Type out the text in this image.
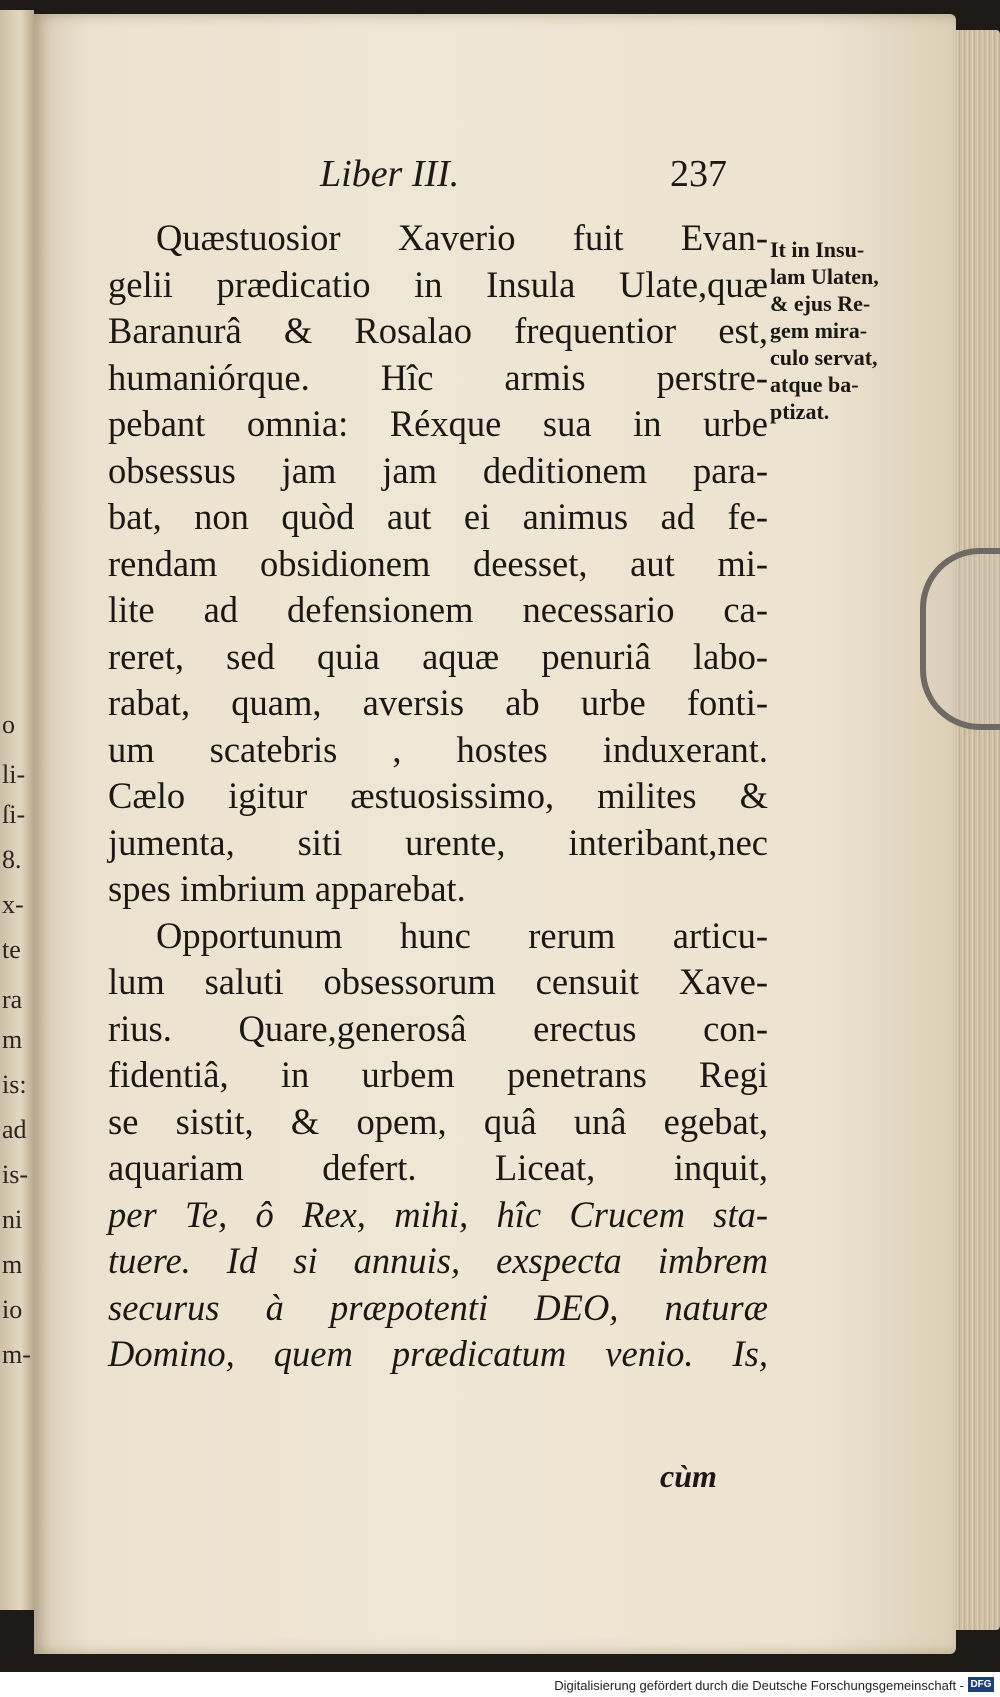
o
li-
ſi-
8.
x-
te
ra
m
is:
ad
is-
ni
m
io
m-
Liber III.	237
Quæstuosior Xaverio fuit Evan-
gelii prædicatio in Insula Ulate,quæ
Baranurâ & Rosalao frequentior est,
humaniórque. Hîc armis perstre-
pebant omnia: Réxque sua in urbe
obsessus jam jam deditionem para-
bat, non quòd aut ei animus ad fe-
rendam obsidionem deesset, aut mi-
lite ad defensionem necessario ca-
reret, sed quia aquæ penuriâ labo-
rabat, quam, aversis ab urbe fonti-
um scatebris , hostes induxerant.
Cælo igitur æstuosissimo, milites &
jumenta, siti urente, interibant,nec
spes imbrium apparebat.
Opportunum hunc rerum articu-
lum saluti obsessorum censuit Xave-
rius. Quare,generosâ erectus con-
fidentiâ, in urbem penetrans Regi
se sistit, & opem, quâ unâ egebat,
aquariam defert. Liceat, inquit,
per Te, ô Rex, mihi, hîc Crucem sta-
tuere. Id si annuis, exspecta imbrem
securus à præpotenti DEO, naturæ
Domino, quem prædicatum venio. Is,
It in Insu-
lam Ulaten,
& ejus Re-
gem mira-
culo servat,
atque ba-
ptizat.
cùm
Digitalisierung gefördert durch die Deutsche Forschungsgemeinschaft - DFG
